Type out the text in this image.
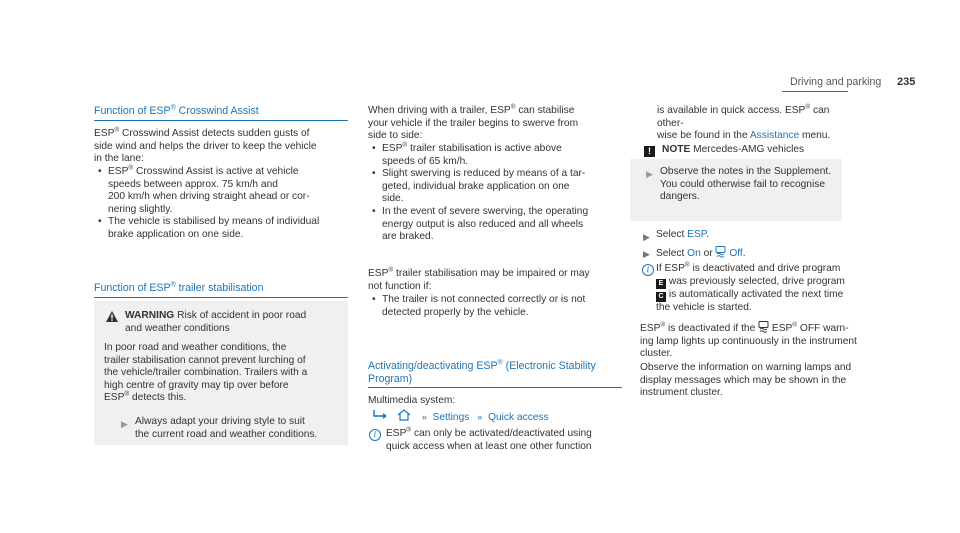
Driving and parking 235
Function of ESP® Crosswind Assist

ESP® Crosswind Assist detects sudden gusts of

side wind and helps the driver to keep the vehicle

in the lane:

• ESP® Crosswind Assist is active at vehicle

speeds between approx. 75 km/h and

200 km/h when driving straight ahead or cor-

nering slightly.

• The vehicle is stabilised by means of individual

brake application on one side.

Function of ESP® trailer stabilisation

WARNING Risk of accident in poor road

and weather conditions

In poor road and weather conditions, the

trailer stabilisation cannot prevent lurching of

the vehicle/trailer combination. Trailers with a

high centre of gravity may tip over before

ESP® detects this.

▶ Always adapt your driving style to suit

the current road and weather conditions.

When driving with a trailer, ESP® can stabilise

your vehicle if the trailer begins to swerve from

side to side:

• ESP® trailer stabilisation is active above

speeds of 65 km/h.

• Slight swerving is reduced by means of a tar-

geted, individual brake application on one

side.

• In the event of severe swerving, the operating

energy output is also reduced and all wheels

are braked.

ESP® trailer stabilisation may be impaired or may

not function if:

• The trailer is not connected correctly or is not

detected properly by the vehicle.

Activating/deactivating ESP® (Electronic Stability

Program)

Multimedia system:
» Settings » Quick access
i ESP® can only be activated/deactivated using

quick access when at least one other function

is available in quick access. ESP® can other-

wise be found in the Assistance menu.

!	NOTE Mercedes-AMG vehicles
▶ Observe the notes in the Supplement.

You could otherwise fail to recognise

dangers.

▶ Select ESP.
▶ Select On or  Off.
i If ESP® is deactivated and drive program

E was previously selected, drive program

C is automatically activated the next time

the vehicle is started.

ESP® is deactivated if the  ESP® OFF warn-

ing lamp lights up continuously in the instrument

cluster.

Observe the information on warning lamps and

display messages which may be shown in the

instrument cluster.
